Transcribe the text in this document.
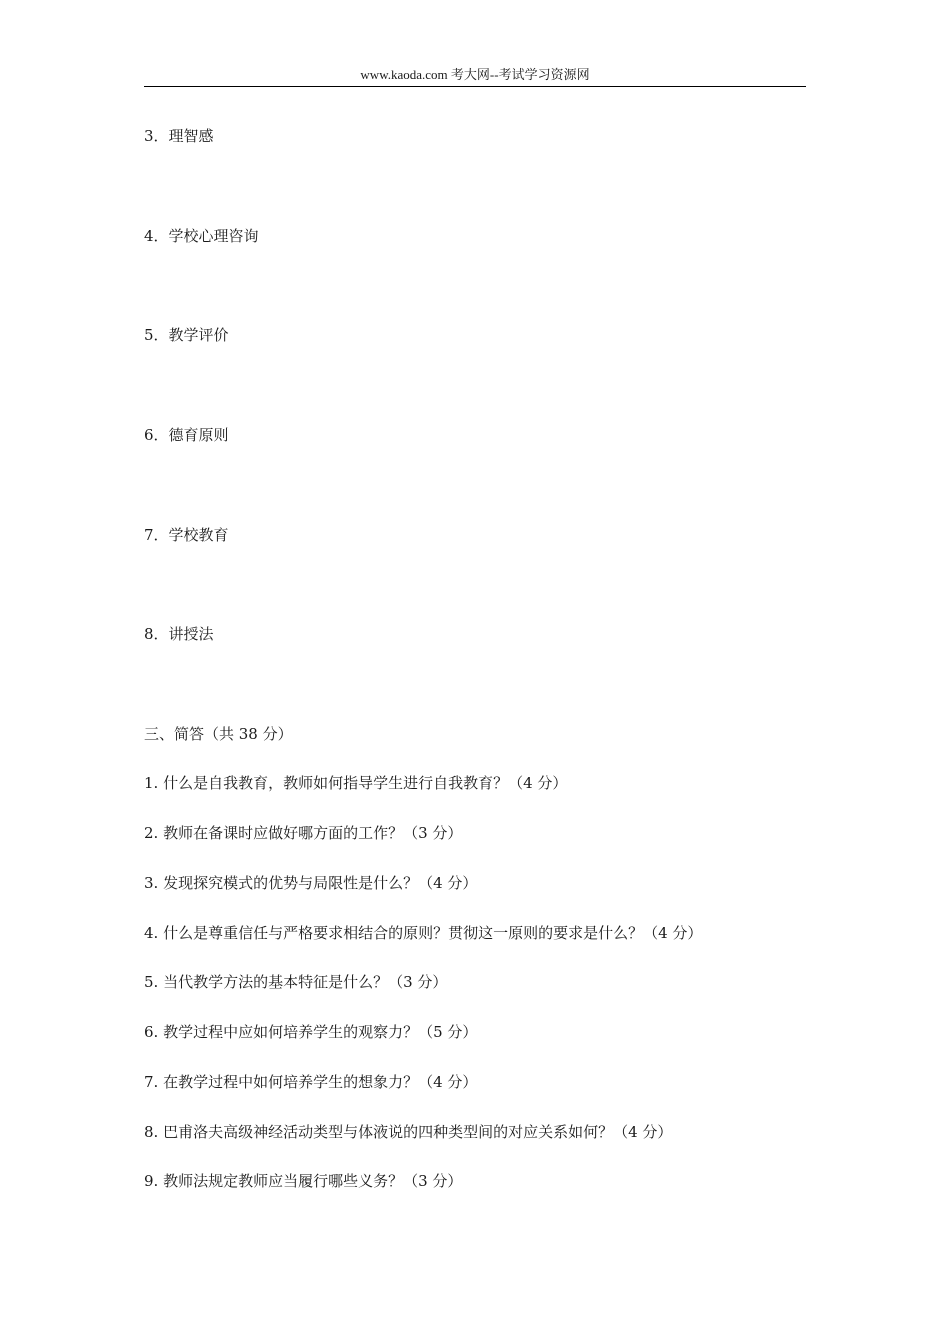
www.kaoda.com 考大网--考试学习资源网
3．理智感
4．学校心理咨询
5．教学评价
6．德育原则
7．学校教育
8．讲授法
三、简答（共 38 分）
1. 什么是自我教育，教师如何指导学生进行自我教育？（4 分）
2. 教师在备课时应做好哪方面的工作？（3 分）
3. 发现探究模式的优势与局限性是什么？（4 分）
4. 什么是尊重信任与严格要求相结合的原则？贯彻这一原则的要求是什么？（4 分）
5. 当代教学方法的基本特征是什么？（3 分）
6. 教学过程中应如何培养学生的观察力？（5 分）
7. 在教学过程中如何培养学生的想象力？（4 分）
8. 巴甫洛夫高级神经活动类型与体液说的四种类型间的对应关系如何？（4 分）
9. 教师法规定教师应当履行哪些义务？（3 分）
